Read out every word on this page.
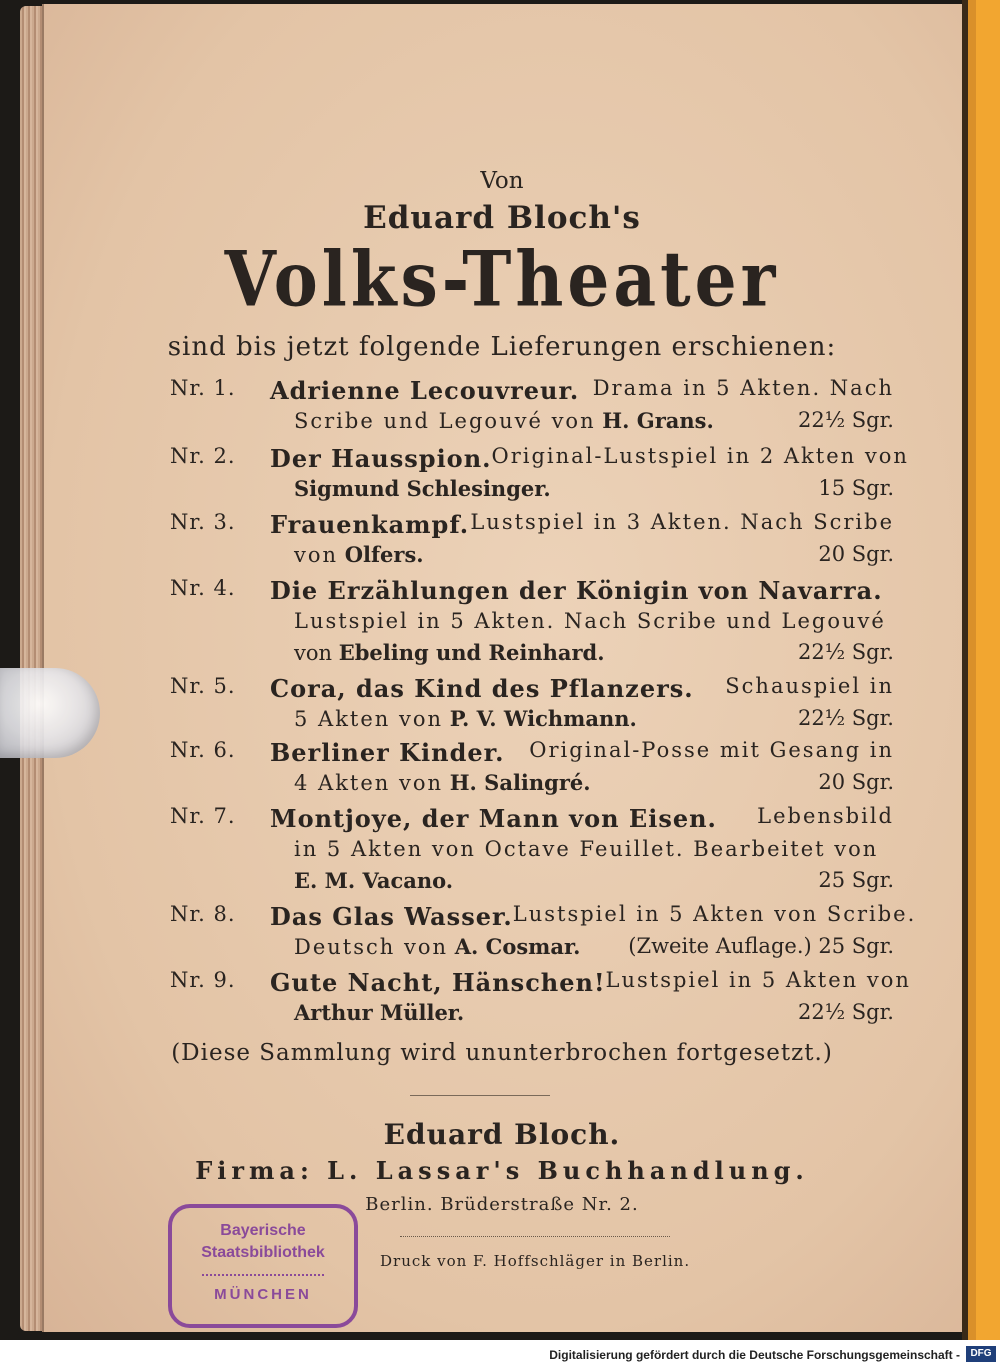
Von
Eduard Bloch's
Volks-Theater
sind bis jetzt folgende Lieferungen erschienen:
Nr. 1.	Adrienne Lecouvreur. Drama in 5 Akten. Nach
Scribe und Legouvé von H. Grans.	22½ Sgr.
Nr. 2.	Der Hausspion. Original-Lustspiel in 2 Akten von
Sigmund Schlesinger.	15 Sgr.
Nr. 3.	Frauenkampf. Lustspiel in 3 Akten. Nach Scribe
von Olfers.	20 Sgr.
Nr. 4.	Die Erzählungen der Königin von Navarra.
Lustspiel in 5 Akten. Nach Scribe und Legouvé
von Ebeling und Reinhard.	22½ Sgr.
Nr. 5.	Cora, das Kind des Pflanzers. Schauspiel in
5 Akten von P. V. Wichmann.	22½ Sgr.
Nr. 6.	Berliner Kinder. Original-Posse mit Gesang in
4 Akten von H. Salingré.	20 Sgr.
Nr. 7.	Montjoye, der Mann von Eisen. Lebensbild
in 5 Akten von Octave Feuillet. Bearbeitet von
E. M. Vacano.	25 Sgr.
Nr. 8.	Das Glas Wasser. Lustspiel in 5 Akten von Scribe.
Deutsch von A. Cosmar. (Zweite Auflage.) 25 Sgr.
Nr. 9.	Gute Nacht, Hänschen! Lustspiel in 5 Akten von
Arthur Müller.	22½ Sgr.
(Diese Sammlung wird ununterbrochen fortgesetzt.)
Eduard Bloch.
Firma: L. Lassar's Buchhandlung.
Berlin. Brüderstraße Nr. 2.
Druck von F. Hoffschläger in Berlin.
Bayerische
Staatsbibliothek
MÜNCHEN
Digitalisierung gefördert durch die Deutsche Forschungsgemeinschaft -	DFG
